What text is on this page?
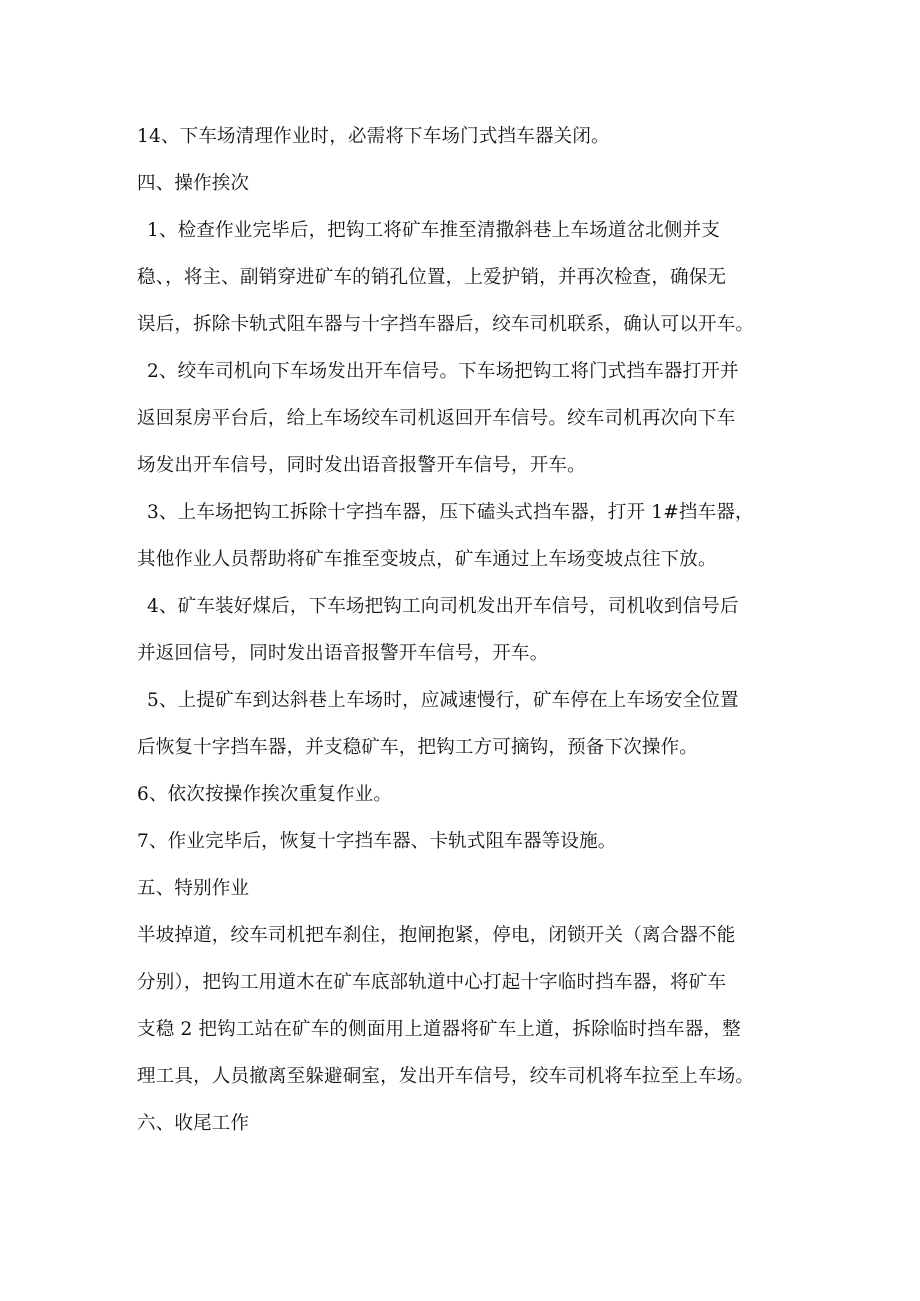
14、下车场清理作业时，必需将下车场门式挡车器关闭。
四、操作挨次
1、检查作业完毕后，把钩工将矿车推至清撒斜巷上车场道岔北侧并支
稳、，将主、副销穿进矿车的销孔位置，上爱护销，并再次检查，确保无
误后，拆除卡轨式阻车器与十字挡车器后，绞车司机联系，确认可以开车。
2、绞车司机向下车场发出开车信号。下车场把钩工将门式挡车器打开并
返回泵房平台后，给上车场绞车司机返回开车信号。绞车司机再次向下车
场发出开车信号，同时发出语音报警开车信号，开车。
3、上车场把钩工拆除十字挡车器，压下磕头式挡车器，打开 1#挡车器，
其他作业人员帮助将矿车推至变坡点，矿车通过上车场变坡点往下放。
4、矿车装好煤后，下车场把钩工向司机发出开车信号，司机收到信号后
并返回信号，同时发出语音报警开车信号，开车。
5、上提矿车到达斜巷上车场时，应减速慢行，矿车停在上车场安全位置
后恢复十字挡车器，并支稳矿车，把钩工方可摘钩，预备下次操作。
6、依次按操作挨次重复作业。
7、作业完毕后，恢复十字挡车器、卡轨式阻车器等设施。
五、特别作业
半坡掉道，绞车司机把车刹住，抱闸抱紧，停电，闭锁开关（离合器不能
分别），把钩工用道木在矿车底部轨道中心打起十字临时挡车器，将矿车
支稳 2 把钩工站在矿车的侧面用上道器将矿车上道，拆除临时挡车器，整
理工具，人员撤离至躲避硐室，发出开车信号，绞车司机将车拉至上车场。
六、收尾工作
